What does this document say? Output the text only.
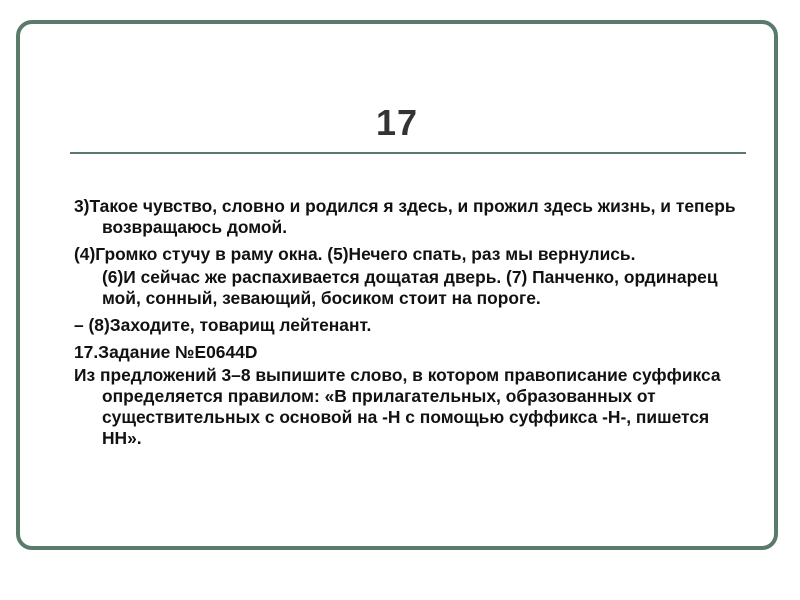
17

3)Такое чувство, словно и родился я здесь, и прожил здесь жизнь, и теперь возвращаюсь домой.

(4)Громко стучу в раму окна. (5)Нечего спать, раз мы вернулись.

(6)И сейчас же распахивается дощатая дверь. (7) Панченко, ординарец мой, сонный, зевающий, босиком стоит на пороге.

– (8)Заходите, товарищ лейтенант.

17.Задание №E0644D

Из предложений 3–8 выпишите слово, в котором правописание суффикса определяется правилом: «В прилагательных, образованных от существительных с основой на -Н с помощью суффикса -Н-, пишется НН».
